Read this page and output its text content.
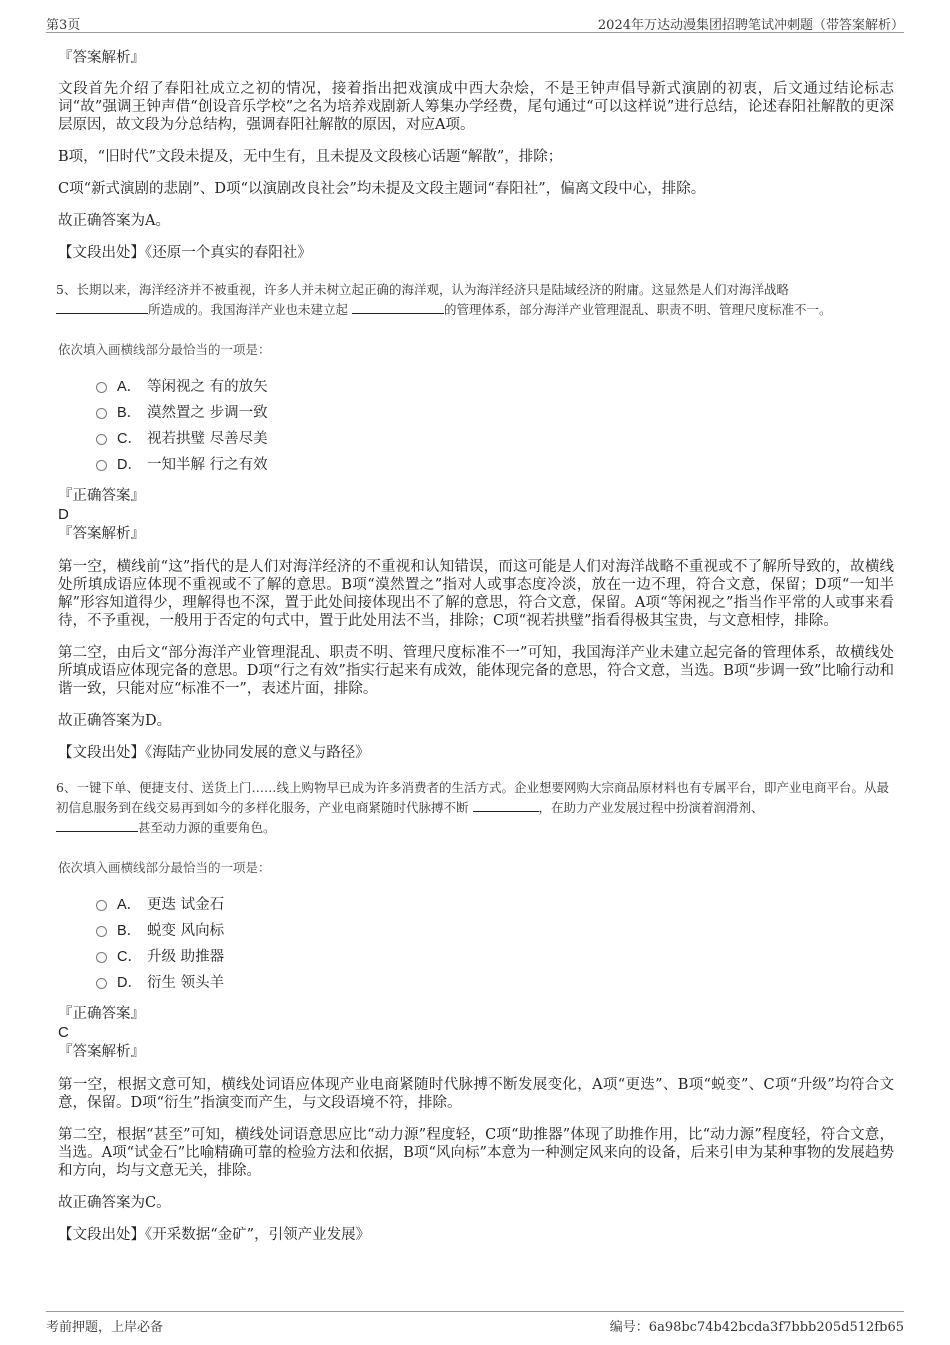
第3页	2024年万达动漫集团招聘笔试冲刺题（带答案解析）

『答案解析』

文段首先介绍了春阳社成立之初的情况，接着指出把戏演成中西大杂烩，不是王钟声倡导新式演剧的初衷，后文通过结论标志词“故”强调王钟声借“创设音乐学校”之名为培养戏剧新人筹集办学经费，尾句通过“可以这样说”进行总结，论述春阳社解散的更深层原因，故文段为分总结构，强调春阳社解散的原因，对应A项。

B项，“旧时代”文段未提及，无中生有，且未提及文段核心话题“解散”，排除；

C项“新式演剧的悲剧”、D项“以演剧改良社会”均未提及文段主题词“春阳社”，偏离文段中心，排除。

故正确答案为A。

【文段出处】《还原一个真实的春阳社》

5、长期以来，海洋经济并不被重视，许多人并未树立起正确的海洋观，认为海洋经济只是陆域经济的附庸。这显然是人们对海洋战略
所造成的。我国海洋产业也未建立起	的管理体系，部分海洋产业管理混乱、职责不明、管理尺度标准不一。

依次填入画横线部分最恰当的一项是：

A． 等闲视之 有的放矢
B． 漠然置之 步调一致
C． 视若拱璧 尽善尽美
D． 一知半解 行之有效

『正确答案』

D

『答案解析』

第一空，横线前“这”指代的是人们对海洋经济的不重视和认知错误，而这可能是人们对海洋战略不重视或不了解所导致的，故横线处所填成语应体现不重视或不了解的意思。B项“漠然置之”指对人或事态度冷淡，放在一边不理，符合文意，保留；D项“一知半解”形容知道得少，理解得也不深，置于此处间接体现出不了解的意思，符合文意，保留。A项“等闲视之”指当作平常的人或事来看待，不予重视，一般用于否定的句式中，置于此处用法不当，排除；C项“视若拱璧”指看得极其宝贵，与文意相悖，排除。

第二空，由后文“部分海洋产业管理混乱、职责不明、管理尺度标准不一”可知，我国海洋产业未建立起完备的管理体系，故横线处所填成语应体现完备的意思。D项“行之有效”指实行起来有成效，能体现完备的意思，符合文意，当选。B项“步调一致”比喻行动和谐一致，只能对应“标准不一”，表述片面，排除。

故正确答案为D。

【文段出处】《海陆产业协同发展的意义与路径》

6、一键下单、便捷支付、送货上门……线上购物早已成为许多消费者的生活方式。企业想要网购大宗商品原材料也有专属平台，即产业电商平台。从最初信息服务到在线交易再到如今的多样化服务，产业电商紧随时代脉搏不断	，在助力产业发展过程中扮演着润滑剂、
甚至动力源的重要角色。

依次填入画横线部分最恰当的一项是：

A． 更迭 试金石
B． 蜕变 风向标
C． 升级 助推器
D． 衍生 领头羊

『正确答案』

C

『答案解析』

第一空，根据文意可知，横线处词语应体现产业电商紧随时代脉搏不断发展变化，A项“更迭”、B项“蜕变”、C项“升级”均符合文意，保留。D项“衍生”指演变而产生，与文段语境不符，排除。

第二空，根据“甚至”可知，横线处词语意思应比“动力源”程度轻，C项“助推器”体现了助推作用，比“动力源”程度轻，符合文意，当选。A项“试金石”比喻精确可靠的检验方法和依据，B项“风向标”本意为一种测定风来向的设备，后来引申为某种事物的发展趋势和方向，均与文意无关，排除。

故正确答案为C。

【文段出处】《开采数据“金矿”，引领产业发展》

考前押题，上岸必备	编号：6a98bc74b42bcda3f7bbb205d512fb65
